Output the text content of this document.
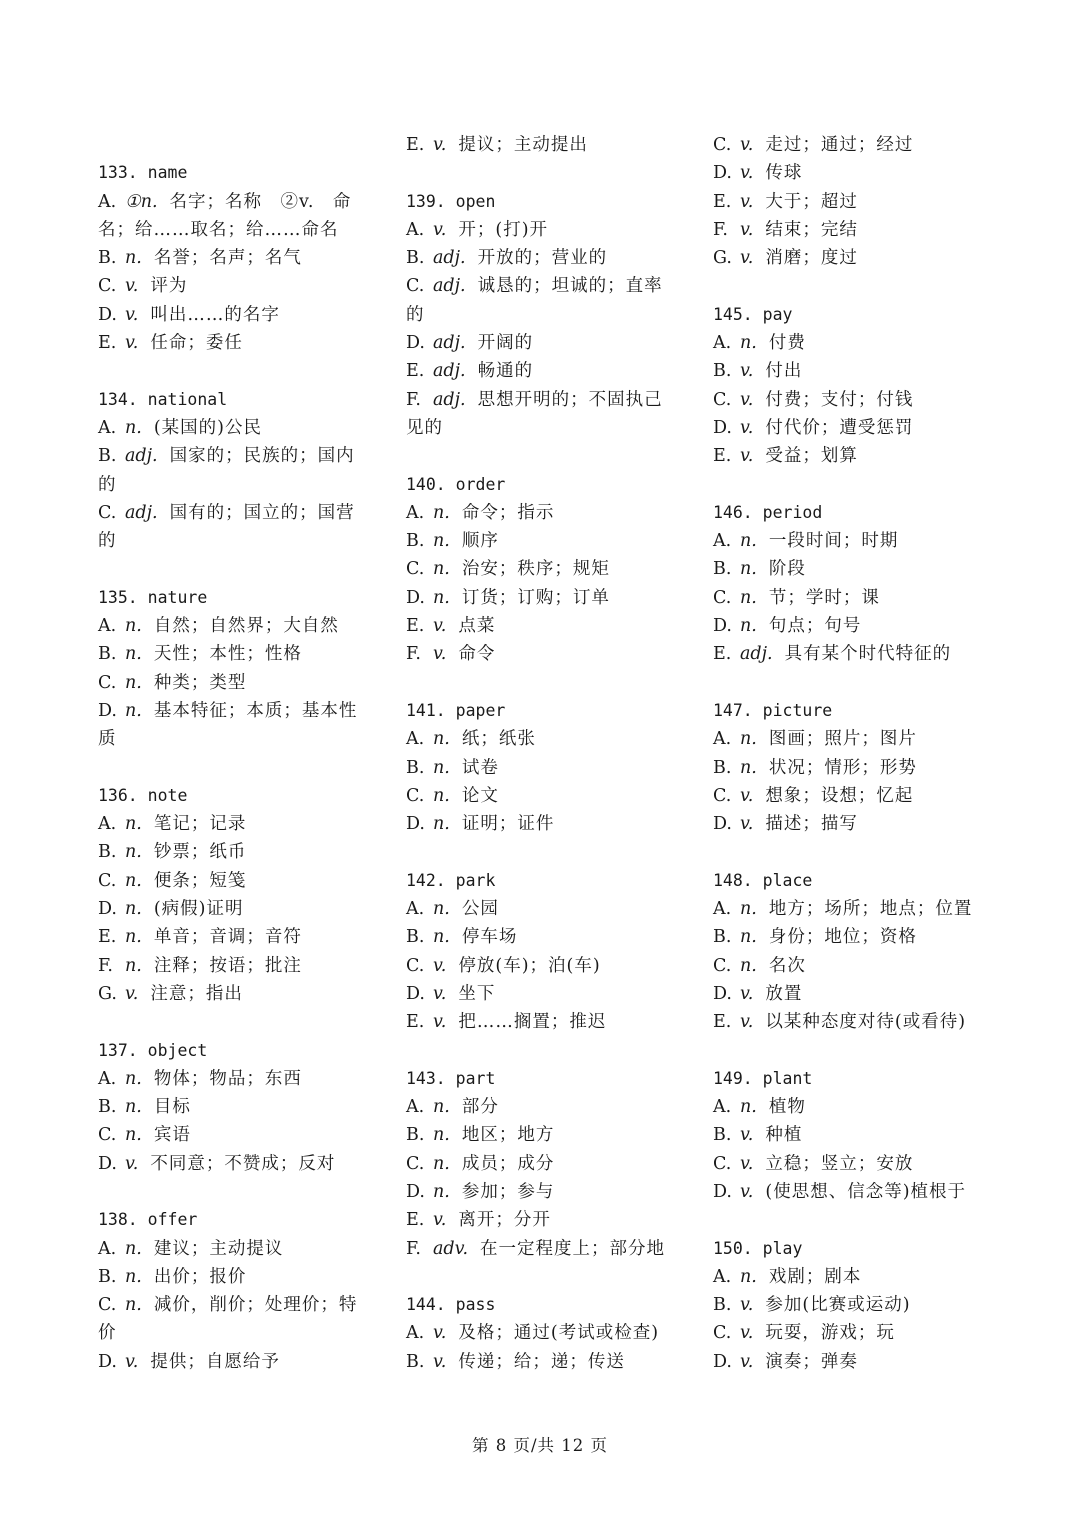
133. name
A. ①n. 名字；名称　②v.　命
名；给……取名；给……命名
B. n. 名誉；名声；名气
C. v. 评为
D. v. 叫出……的名字
E. v. 任命；委任
134. national
A. n. (某国的)公民
B. adj. 国家的；民族的；国内
的
C. adj. 国有的；国立的；国营
的
135. nature
A. n. 自然；自然界；大自然
B. n. 天性；本性；性格
C. n. 种类；类型
D. n. 基本特征；本质；基本性
质
136. note
A. n. 笔记；记录
B. n. 钞票；纸币
C. n. 便条；短笺
D. n. (病假)证明
E. n. 单音；音调；音符
F. n. 注释；按语；批注
G. v. 注意；指出
137. object
A. n. 物体；物品；东西
B. n. 目标
C. n. 宾语
D. v. 不同意；不赞成；反对
138. offer
A. n. 建议；主动提议
B. n. 出价；报价
C. n. 减价，削价；处理价；特
价
D. v. 提供；自愿给予
E. v. 提议；主动提出
139. open
A. v. 开；(打)开
B. adj. 开放的；营业的
C. adj. 诚恳的；坦诚的；直率
的
D. adj. 开阔的
E. adj. 畅通的
F. adj. 思想开明的；不固执己
见的
140. order
A. n. 命令；指示
B. n. 顺序
C. n. 治安；秩序；规矩
D. n. 订货；订购；订单
E. v. 点菜
F. v. 命令
141. paper
A. n. 纸；纸张
B. n. 试卷
C. n. 论文
D. n. 证明；证件
142. park
A. n. 公园
B. n. 停车场
C. v. 停放(车)；泊(车)
D. v. 坐下
E. v. 把……搁置；推迟
143. part
A. n. 部分
B. n. 地区；地方
C. n. 成员；成分
D. n. 参加；参与
E. v. 离开；分开
F. adv. 在一定程度上；部分地
144. pass
A. v. 及格；通过(考试或检查)
B. v. 传递；给；递；传送
C. v. 走过；通过；经过
D. v. 传球
E. v. 大于；超过
F. v. 结束；完结
G. v. 消磨；度过
145. pay
A. n. 付费
B. v. 付出
C. v. 付费；支付；付钱
D. v. 付代价；遭受惩罚
E. v. 受益；划算
146. period
A. n. 一段时间；时期
B. n. 阶段
C. n. 节；学时；课
D. n. 句点；句号
E. adj. 具有某个时代特征的
147. picture
A. n. 图画；照片；图片
B. n. 状况；情形；形势
C. v. 想象；设想；忆起
D. v. 描述；描写
148. place
A. n. 地方；场所；地点；位置
B. n. 身份；地位；资格
C. n. 名次
D. v. 放置
E. v. 以某种态度对待(或看待)
149. plant
A. n. 植物
B. v. 种植
C. v. 立稳；竖立；安放
D. v. (使思想、信念等)植根于
150. play
A. n. 戏剧；剧本
B. v. 参加(比赛或运动)
C. v. 玩耍，游戏；玩
D. v. 演奏；弹奏
第 8 页/共 12 页
